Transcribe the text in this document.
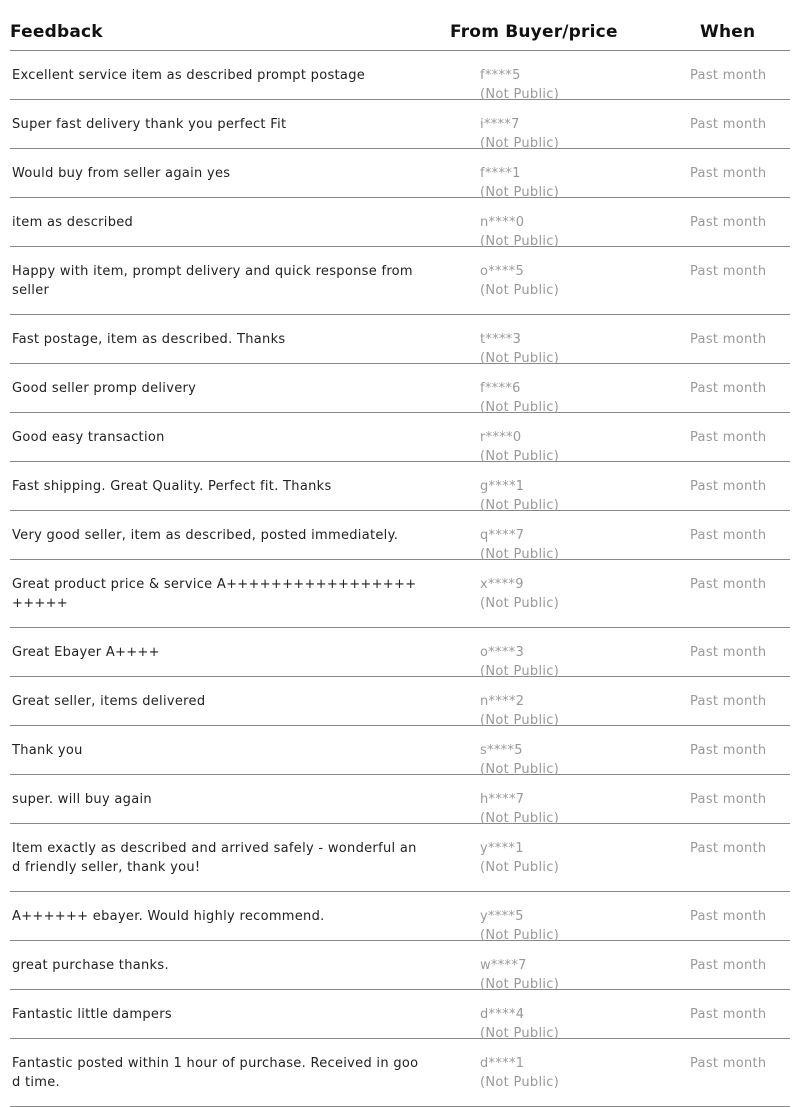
Feedback	From Buyer/price	When
Excellent service item as described prompt postage	f****5
(Not Public)
Past month
Super fast delivery thank you perfect Fit	i****7
(Not Public)
Past month
Would buy from seller again yes	f****1
(Not Public)
Past month
item as described	n****0
(Not Public)
Past month
Happy with item, prompt delivery and quick response from seller
o****5
(Not Public)
Past month
Fast postage, item as described. Thanks	t****3
(Not Public)
Past month
Good seller promp delivery	f****6
(Not Public)
Past month
Good easy transaction	r****0
(Not Public)
Past month
Fast shipping. Great Quality. Perfect fit. Thanks	g****1
(Not Public)
Past month
Very good seller, item as described, posted immediately.	q****7
(Not Public)
Past month
Great product price & service A++++++++++++++++++++++
x****9
(Not Public)
Past month
Great Ebayer A++++	o****3
(Not Public)
Past month
Great seller, items delivered	n****2
(Not Public)
Past month
Thank you	s****5
(Not Public)
Past month
super. will buy again	h****7
(Not Public)
Past month
Item exactly as described and arrived safely - wonderful and friendly seller, thank you!
y****1
(Not Public)
Past month
A++++++ ebayer. Would highly recommend.	y****5
(Not Public)
Past month
great purchase thanks.	w****7
(Not Public)
Past month
Fantastic little dampers	d****4
(Not Public)
Past month
Fantastic posted within 1 hour of purchase. Received in good time.
d****1
(Not Public)
Past month
